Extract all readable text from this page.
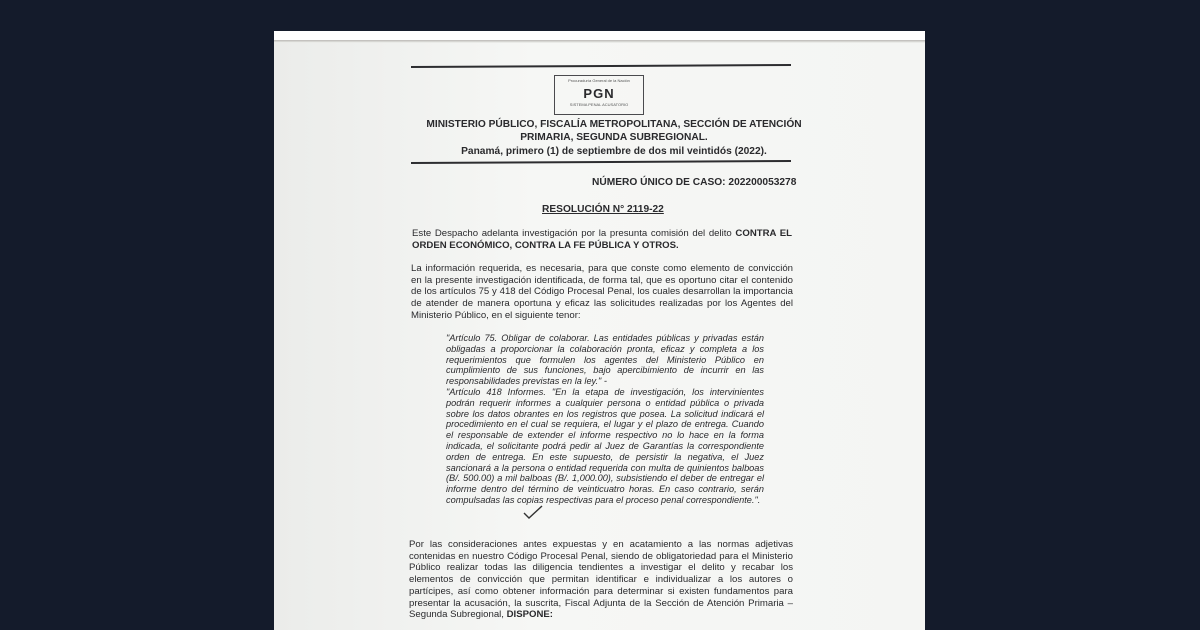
Procuraduría General de la Nación
PGN
SISTEMA PENAL ACUSATORIO
MINISTERIO PÚBLICO, FISCALÍA METROPOLITANA, SECCIÓN DE ATENCIÓN
PRIMARIA, SEGUNDA SUBREGIONAL.
Panamá, primero (1) de septiembre de dos mil veintidós (2022).
NÚMERO ÚNICO DE CASO: 202200053278
RESOLUCIÓN N° 2119-22

Este Despacho adelanta investigación por la presunta comisión del delito CONTRA EL ORDEN ECONÓMICO, CONTRA LA FE PÚBLICA Y OTROS.

La información requerida, es necesaria, para que conste como elemento de convicción en la presente investigación identificada, de forma tal, que es oportuno citar el contenido de los artículos 75 y 418 del Código Procesal Penal, los cuales desarrollan la importancia de atender de manera oportuna y eficaz las solicitudes realizadas por los Agentes del Ministerio Público, en el siguiente tenor:

"Artículo 75. Obligar de colaborar. Las entidades públicas y privadas están obligadas a proporcionar la colaboración pronta, eficaz y completa a los requerimientos que formulen los agentes del Ministerio Público en cumplimiento de sus funciones, bajo apercibimiento de incurrir en las responsabilidades previstas en la ley." -

"Artículo 418 Informes. "En la etapa de investigación, los intervinientes podrán requerir informes a cualquier persona o entidad pública o privada sobre los datos obrantes en los registros que posea. La solicitud indicará el procedimiento en el cual se requiera, el lugar y el plazo de entrega. Cuando el responsable de extender el informe respectivo no lo hace en la forma indicada, el solicitante podrá pedir al Juez de Garantías la correspondiente orden de entrega. En este supuesto, de persistir la negativa, el Juez sancionará a la persona o entidad requerida con multa de quinientos balboas (B/. 500.00) a mil balboas (B/. 1,000.00), subsistiendo el deber de entregar el informe dentro del término de veinticuatro horas. En caso contrario, serán compulsadas las copias respectivas para el proceso penal correspondiente.".

Por las consideraciones antes expuestas y en acatamiento a las normas adjetivas contenidas en nuestro Código Procesal Penal, siendo de obligatoriedad para el Ministerio Público realizar todas las diligencia tendientes a investigar el delito y recabar los elementos de convicción que permitan identificar e individualizar a los autores o partícipes, así como obtener información para determinar si existen fundamentos para presentar la acusación, la suscrita, Fiscal Adjunta de la Sección de Atención Primaria – Segunda Subregional, DISPONE:
